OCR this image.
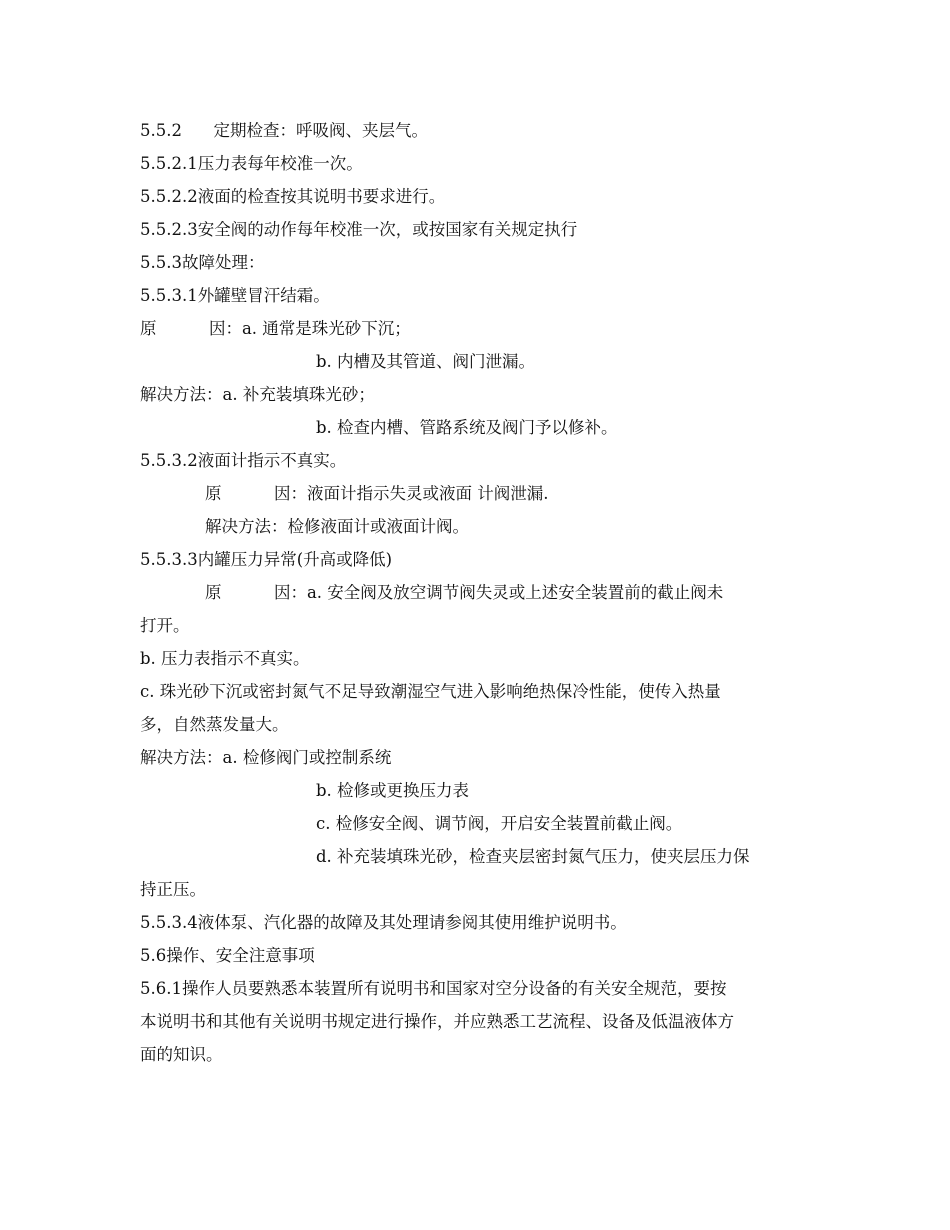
5.5.2      定期检查：呼吸阀、夹层气。
5.5.2.1压力表每年校准一次。
5.5.2.2液面的检查按其说明书要求进行。
5.5.2.3安全阀的动作每年校准一次，或按国家有关规定执行
5.5.3故障处理：
5.5.3.1外罐壁冒汗结霜。
原          因：a. 通常是珠光砂下沉；
b. 内槽及其管道、阀门泄漏。
解决方法：a. 补充装填珠光砂；
b. 检查内槽、管路系统及阀门予以修补。
5.5.3.2液面计指示不真实。
原          因：液面计指示失灵或液面 计阀泄漏.
解决方法：检修液面计或液面计阀。
5.5.3.3内罐压力异常(升高或降低)
原          因：a. 安全阀及放空调节阀失灵或上述安全装置前的截止阀未
打开。
b. 压力表指示不真实。
c. 珠光砂下沉或密封氮气不足导致潮湿空气进入影响绝热保冷性能，使传入热量
多，自然蒸发量大。
解决方法：a. 检修阀门或控制系统
b. 检修或更换压力表
c. 检修安全阀、调节阀，开启安全装置前截止阀。
d. 补充装填珠光砂，检查夹层密封氮气压力，使夹层压力保
持正压。
5.5.3.4液体泵、汽化器的故障及其处理请参阅其使用维护说明书。
5.6操作、安全注意事项
5.6.1操作人员要熟悉本装置所有说明书和国家对空分设备的有关安全规范，要按
本说明书和其他有关说明书规定进行操作，并应熟悉工艺流程、设备及低温液体方
面的知识。
